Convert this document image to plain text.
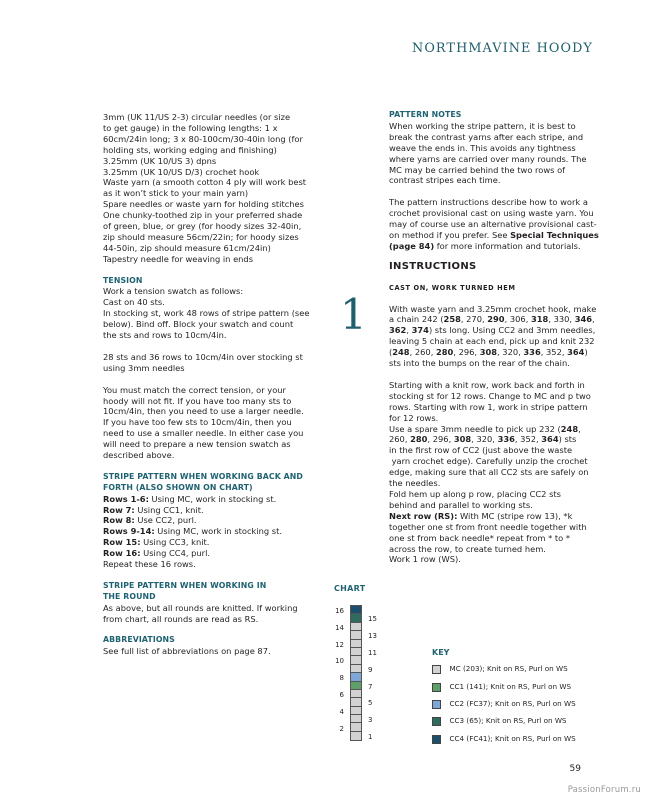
NORTHMAVINE HOODY
3mm (UK 11/US 2-3) circular needles (or size
to get gauge) in the following lengths: 1 x
60cm/24in long; 3 x 80-100cm/30-40in long (for
holding sts, working edging and finishing)
3.25mm (UK 10/US 3) dpns
3.25mm (UK 10/US D/3) crochet hook
Waste yarn (a smooth cotton 4 ply will work best
as it won’t stick to your main yarn)
Spare needles or waste yarn for holding stitches
One chunky-toothed zip in your preferred shade
of green, blue, or grey (for hoody sizes 32-40in,
zip should measure 56cm/22in; for hoody sizes
44-50in, zip should measure 61cm/24in)
Tapestry needle for weaving in ends
TENSION
Work a tension swatch as follows:
Cast on 40 sts.
In stocking st, work 48 rows of stripe pattern (see
below). Bind off. Block your swatch and count
the sts and rows to 10cm/4in.
28 sts and 36 rows to 10cm/4in over stocking st
using 3mm needles
You must match the correct tension, or your
hoody will not fit. If you have too many sts to
10cm/4in, then you need to use a larger needle.
If you have too few sts to 10cm/4in, then you
need to use a smaller needle. In either case you
will need to prepare a new tension swatch as
described above.
STRIPE PATTERN WHEN WORKING BACK AND
FORTH (ALSO SHOWN ON CHART)
Rows 1-6: Using MC, work in stocking st.
Row 7: Using CC1, knit.
Row 8: Use CC2, purl.
Rows 9-14: Using MC, work in stocking st.
Row 15: Using CC3, knit.
Row 16: Using CC4, purl.
Repeat these 16 rows.
STRIPE PATTERN WHEN WORKING IN
THE ROUND
As above, but all rounds are knitted. If working
from chart, all rounds are read as RS.
ABBREVIATIONS
See full list of abbreviations on page 87.
PATTERN NOTES
When working the stripe pattern, it is best to
break the contrast yarns after each stripe, and
weave the ends in. This avoids any tightness
where yarns are carried over many rounds. The
MC may be carried behind the two rows of
contrast stripes each time.
The pattern instructions describe how to work a
crochet provisional cast on using waste yarn. You
may of course use an alternative provisional cast-
on method if you prefer. See Special Techniques
(page 84) for more information and tutorials.
INSTRUCTIONS
CAST ON, WORK TURNED HEM
With waste yarn and 3.25mm crochet hook, make
a chain 242 (258, 270, 290, 306, 318, 330, 346,
362, 374) sts long. Using CC2 and 3mm needles,
leaving 5 chain at each end, pick up and knit 232
(248, 260, 280, 296, 308, 320, 336, 352, 364)
sts into the bumps on the rear of the chain.
Starting with a knit row, work back and forth in
stocking st for 12 rows. Change to MC and p two
rows. Starting with row 1, work in stripe pattern
for 12 rows.
Use a spare 3mm needle to pick up 232 (248,
260, 280, 296, 308, 320, 336, 352, 364) sts
in the first row of CC2 (just above the waste
yarn crochet edge). Carefully unzip the crochet
edge, making sure that all CC2 sts are safely on
the needles.
Fold hem up along p row, placing CC2 sts
behind and parallel to working sts.
Next row (RS): With MC (stripe row 13), *k
together one st from front needle together with
one st from back needle* repeat from * to *
across the row, to create turned hem.
Work 1 row (WS).
1
CHART
16
14
12
10
8
6
4
2
15
13
11
9
7
5
3
1
KEY
MC (203); Knit on RS, Purl on WS
CC1 (141); Knit on RS, Purl on WS
CC2 (FC37); Knit on RS, Purl on WS
CC3 (65); Knit on RS, Purl on WS
CC4 (FC41); Knit on RS, Purl on WS
59
PassionForum.ru
